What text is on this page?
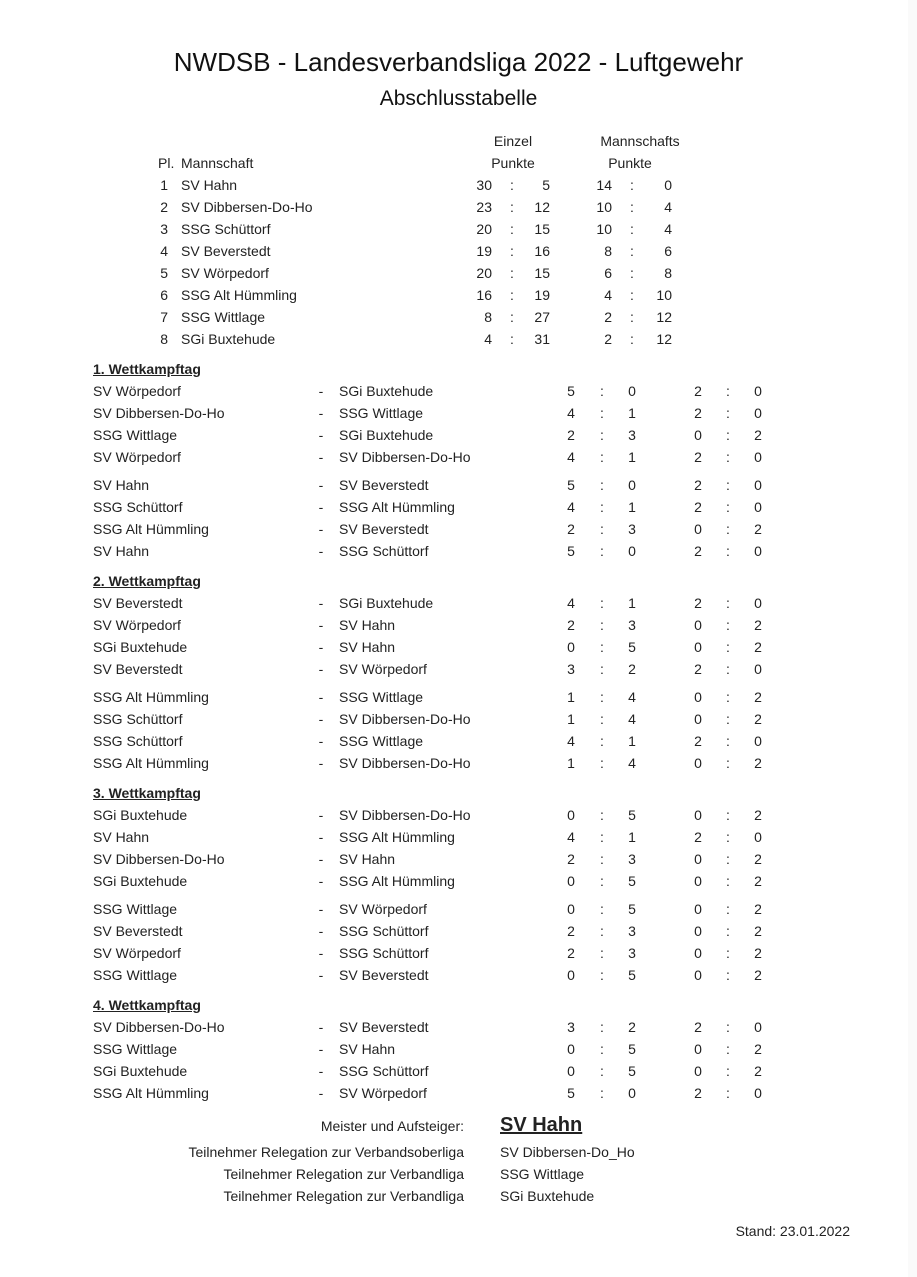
NWDSB - Landesverbandsliga 2022 - Luftgewehr
Abschlusstabelle
Einzel	Mannschafts
Pl. Mannschaft	Punkte	Punkte
1 SV Hahn	30	:	5	14	:	0
2 SV Dibbersen-Do-Ho	23	:	12	10	:	4
3 SSG Schüttorf	20	:	15	10	:	4
4 SV Beverstedt	19	:	16	8	:	6
5 SV Wörpedorf	20	:	15	6	:	8
6 SSG Alt Hümmling	16	:	19	4	:	10
7 SSG Wittlage	8	:	27	2	:	12
8 SGi Buxtehude	4	:	31	2	:	12
1. Wettkampftag
SV Wörpedorf	- SGi Buxtehude	5	:	0	2	:	0
SV Dibbersen-Do-Ho	- SSG Wittlage	4	:	1	2	:	0
SSG Wittlage	- SGi Buxtehude	2	:	3	0	:	2
SV Wörpedorf	- SV Dibbersen-Do-Ho	4	:	1	2	:	0
SV Hahn	- SV Beverstedt	5	:	0	2	:	0
SSG Schüttorf	- SSG Alt Hümmling	4	:	1	2	:	0
SSG Alt Hümmling	- SV Beverstedt	2	:	3	0	:	2
SV Hahn	- SSG Schüttorf	5	:	0	2	:	0
2. Wettkampftag
SV Beverstedt	- SGi Buxtehude	4	:	1	2	:	0
SV Wörpedorf	- SV Hahn	2	:	3	0	:	2
SGi Buxtehude	- SV Hahn	0	:	5	0	:	2
SV Beverstedt	- SV Wörpedorf	3	:	2	2	:	0
SSG Alt Hümmling	- SSG Wittlage	1	:	4	0	:	2
SSG Schüttorf	- SV Dibbersen-Do-Ho	1	:	4	0	:	2
SSG Schüttorf	- SSG Wittlage	4	:	1	2	:	0
SSG Alt Hümmling	- SV Dibbersen-Do-Ho	1	:	4	0	:	2
3. Wettkampftag
SGi Buxtehude	- SV Dibbersen-Do-Ho	0	:	5	0	:	2
SV Hahn	- SSG Alt Hümmling	4	:	1	2	:	0
SV Dibbersen-Do-Ho	- SV Hahn	2	:	3	0	:	2
SGi Buxtehude	- SSG Alt Hümmling	0	:	5	0	:	2
SSG Wittlage	- SV Wörpedorf	0	:	5	0	:	2
SV Beverstedt	- SSG Schüttorf	2	:	3	0	:	2
SV Wörpedorf	- SSG Schüttorf	2	:	3	0	:	2
SSG Wittlage	- SV Beverstedt	0	:	5	0	:	2
4. Wettkampftag
SV Dibbersen-Do-Ho	- SV Beverstedt	3	:	2	2	:	0
SSG Wittlage	- SV Hahn	0	:	5	0	:	2
SGi Buxtehude	- SSG Schüttorf	0	:	5	0	:	2
SSG Alt Hümmling	- SV Wörpedorf	5	:	0	2	:	0
Meister und Aufsteiger: SV Hahn
Teilnehmer Relegation zur Verbandsoberliga	SV Dibbersen-Do_Ho
Teilnehmer Relegation zur Verbandliga	SSG Wittlage
Teilnehmer Relegation zur Verbandliga	SGi Buxtehude
Stand: 23.01.2022
